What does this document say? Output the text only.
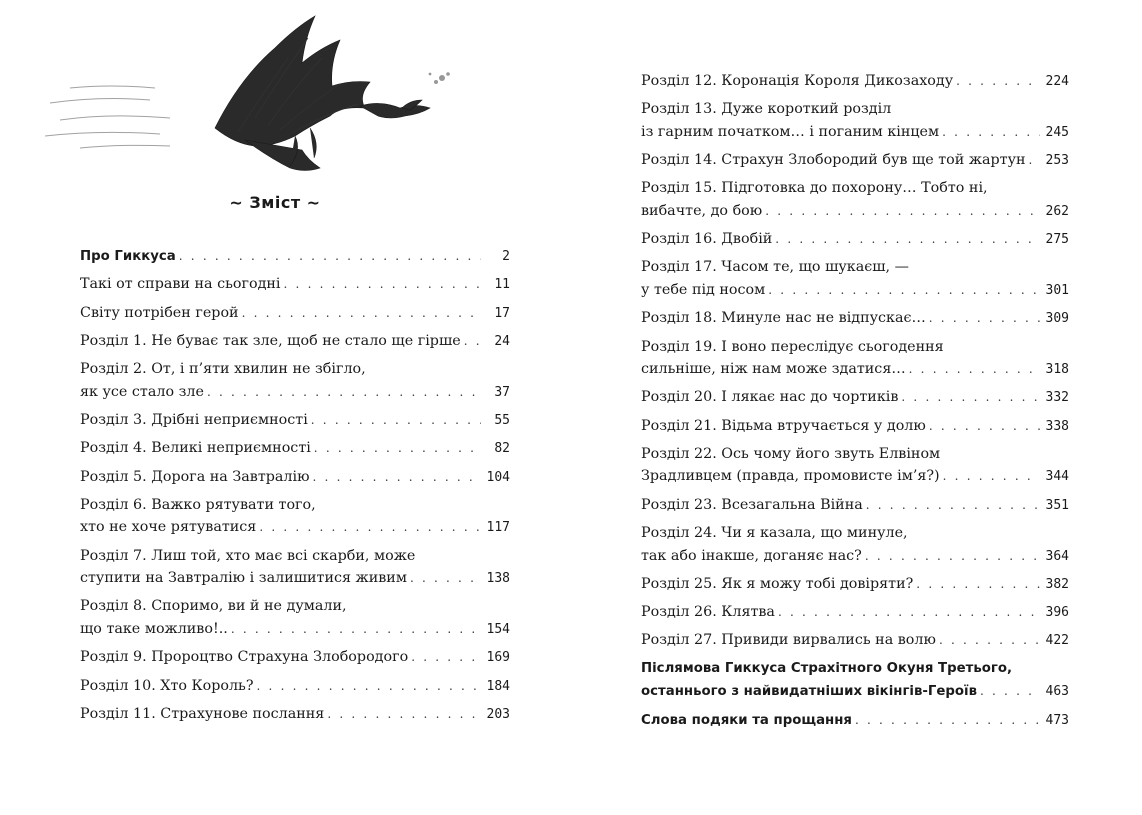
~ Зміст ~
Про Гиккуса . . .	2
Такі от справи на сьогодні . . .	11
Світу потрібен герой . . .	17
Розділ 1. Не буває так зле, щоб не стало ще гірше . . .	24
Розділ 2. От, і п’яти хвилин не збігло,
як усе стало зле . . .	37
Розділ 3. Дрібні неприємності . . .	55
Розділ 4. Великі неприємності . . .	82
Розділ 5. Дорога на Завтралію . . .	104
Розділ 6. Важко рятувати того,
хто не хоче рятуватися . . .	117
Розділ 7. Лиш той, хто має всі скарби, може
ступити на Завтралію і залишитися живим . . .	138
Розділ 8. Споримо, ви й не думали,
що таке можливо!.. . . .	154
Розділ 9. Пророцтво Страхуна Злобородого . . .	169
Розділ 10. Хто Король? . . .	184
Розділ 11. Страхунове послання . . .	203
Розділ 12. Коронація Короля Дикозаходу . . .	224
Розділ 13. Дуже короткий розділ
із гарним початком… і поганим кінцем . . .	245
Розділ 14. Страхун Злобородий був ще той жартун . . . 253
Розділ 15. Підготовка до похорону… Тобто ні,
вибачте, до бою . . .	262
Розділ 16. Двобій . . .	275
Розділ 17. Часом те, що шукаєш, —
у тебе під носом . . .	301
Розділ 18. Минуле нас не відпускає… . . .	309
Розділ 19. І воно переслідує сьогодення
сильніше, ніж нам може здатися… . . .	318
Розділ 20. І лякає нас до чортиків . . .	332
Розділ 21. Відьма втручається у долю . . .	338
Розділ 22. Ось чому його звуть Елвіном
Зрадливцем (правда, промовисте ім’я?) . . .	344
Розділ 23. Всезагальна Війна . . .	351
Розділ 24. Чи я казала, що минуле,
так або інакше, доганяє нас? . . .	364
Розділ 25. Як я можу тобі довіряти? . . .	382
Розділ 26. Клятва . . .	396
Розділ 27. Привиди вирвались на волю . . .	422
Післямова Гиккуса Страхітного Окуня Третього,
останнього з найвидатніших вікінгів-Героїв . . .	463
Слова подяки та прощання . . .	473
